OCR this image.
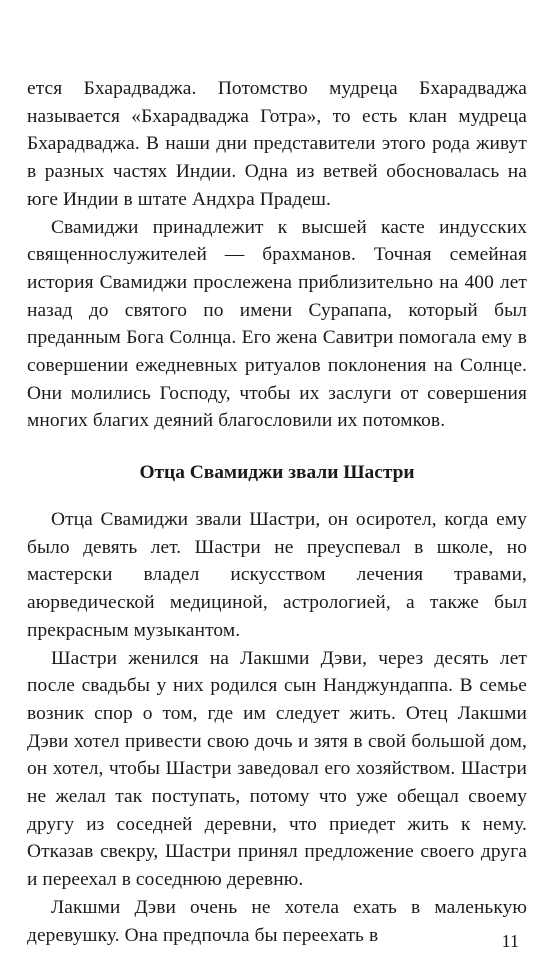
ется Бхарадваджа. Потомство мудреца Бхарадваджа называется «Бхарадваджа Готра», то есть клан мудреца Бхарадваджа. В наши дни представители этого рода живут в разных частях Индии. Одна из ветвей обосновалась на юге Индии в штате Андхра Прадеш.

Свамиджи принадлежит к высшей касте индусских священнослужителей — брахманов. Точная семейная история Свамиджи прослежена приблизительно на 400 лет назад до святого по имени Сурапапа, который был преданным Бога Солнца. Его жена Савитри помогала ему в совершении ежедневных ритуалов поклонения на Солнце. Они молились Господу, чтобы их заслуги от совершения многих благих деяний благословили их потомков.

Отца Свамиджи звали Шастри

Отца Свамиджи звали Шастри, он осиротел, когда ему было девять лет. Шастри не преуспевал в школе, но мастерски владел искусством лечения травами, аюрведической медициной, астрологией, а также был прекрасным музыкантом.

Шастри женился на Лакшми Дэви, через десять лет после свадьбы у них родился сын Нанджундаппа. В семье возник спор о том, где им следует жить. Отец Лакшми Дэви хотел привести свою дочь и зятя в свой большой дом, он хотел, чтобы Шастри заведовал его хозяйством. Шастри не желал так поступать, потому что уже обещал своему другу из соседней деревни, что приедет жить к нему. Отказав свекру, Шастри принял предложение своего друга и переехал в соседнюю деревню.

Лакшми Дэви очень не хотела ехать в маленькую деревушку. Она предпочла бы переехать в	11
